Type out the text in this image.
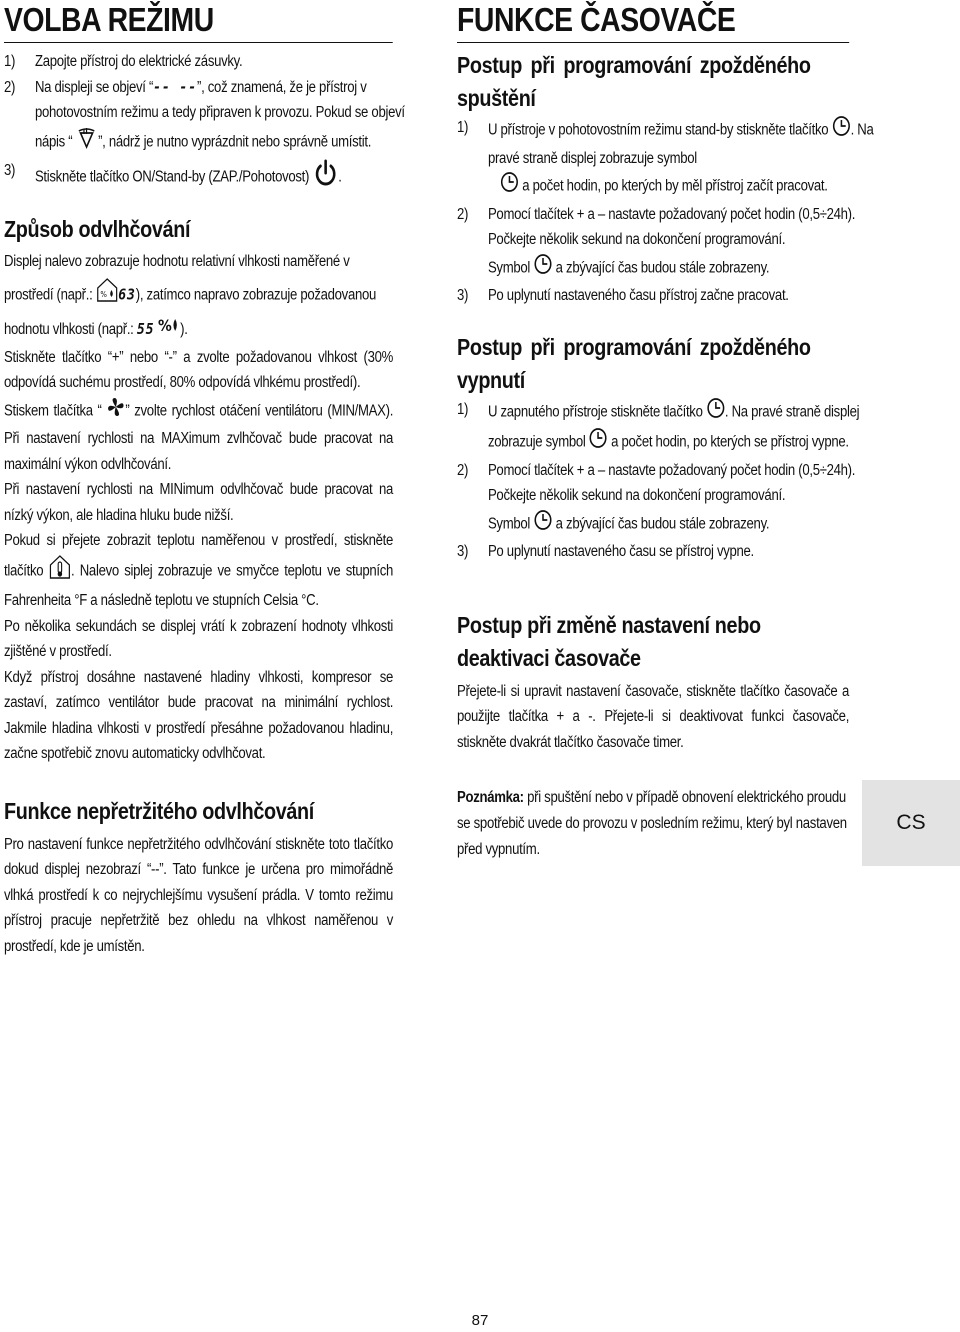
VOLBA REŽIMU
1) Zapojte přístroj do elektrické zásuvky.
2) Na displeji se objeví “-- --”, což znamená, že je přístroj v pohotovostním režimu a tedy připraven k provozu. Pokud se objeví nápis “ ”, nádrž je nutno vyprázdnit nebo správně umístit.
3) Stiskněte tlačítko ON/Stand-by (ZAP./Pohotovost) .
Způsob odvlhčování

Displej nalevo zobrazuje hodnotu relativní vlhkosti naměřené v prostředí (např.: % 63), zatímco napravo zobrazuje požadovanou hodnotu vlhkosti (např.: 55 % ).

Stiskněte tlačítko “+” nebo “-” a zvolte požadovanou vlhkost (30% odpovídá suchému prostředí, 80% odpovídá vlhkému prostředí).

Stiskem tlačítka “ ” zvolte rychlost otáčení ventilátoru (MIN/MAX). Při nastavení rychlosti na MAXimum zvlhčovač bude pracovat na maximální výkon odvlhčování.

Při nastavení rychlosti na MINimum odvlhčovač bude pracovat na nízký výkon, ale hladina hluku bude nižší.

Pokud si přejete zobrazit teplotu naměřenou v prostředí, stiskněte tlačítko . Nalevo siplej zobrazuje ve smyčce teplotu ve stupních Fahrenheita °F a následně teplotu ve stupních Celsia °C.

Po několika sekundách se displej vrátí k zobrazení hodnoty vlhkosti zjištěné v prostředí.

Když přístroj dosáhne nastavené hladiny vlhkosti, kompresor se zastaví, zatímco ventilátor bude pracovat na minimální rychlost. Jakmile hladina vlhkosti v prostředí přesáhne požadovanou hladinu, začne spotřebič znovu automaticky odvlhčovat.

Funkce nepřetržitého odvlhčování

Pro nastavení funkce nepřetržitého odvlhčování stiskněte toto tlačítko dokud displej nezobrazí “--”. Tato funkce je určena pro mimořádně vlhká prostředí k co nejrychlejšímu vysušení prádla. V tomto režimu přístroj pracuje nepřetržitě bez ohledu na vlhkost naměřenou v prostředí, kde je umístěn.

FUNKCE ČASOVAČE
Postup při programování zpožděného spuštění
1) U přístroje v pohotovostním režimu stand-by stiskněte tlačítko . Na pravé straně displej zobrazuje symbol
a počet hodin, po kterých by měl přístroj začít pracovat.
2) Pomocí tlačítek + a – nastavte požadovaný počet hodin (0,5÷24h). Počkejte několik sekund na dokončení programování.
Symbol a zbývající čas budou stále zobrazeny.
3) Po uplynutí nastaveného času přístroj začne pracovat.
Postup při programování zpožděného vypnutí
1) U zapnutého přístroje stiskněte tlačítko . Na pravé straně displej zobrazuje symbol a počet hodin, po kterých se přístroj vypne.
2) Pomocí tlačítek + a – nastavte požadovaný počet hodin (0,5÷24h). Počkejte několik sekund na dokončení programování.
Symbol a zbývající čas budou stále zobrazeny.
3) Po uplynutí nastaveného času se přístroj vypne.
Postup při změně nastavení nebo deaktivaci časovače

Přejete-li si upravit nastavení časovače, stiskněte tlačítko časovače a použijte tlačítka + a -. Přejete-li si deaktivovat funkci časovače, stiskněte dvakrát tlačítko časovače timer.

Poznámka: při spuštění nebo v případě obnovení elektrického proudu se spotřebič uvede do provozu v posledním režimu, který byl nastaven před vypnutím.

CS
87
